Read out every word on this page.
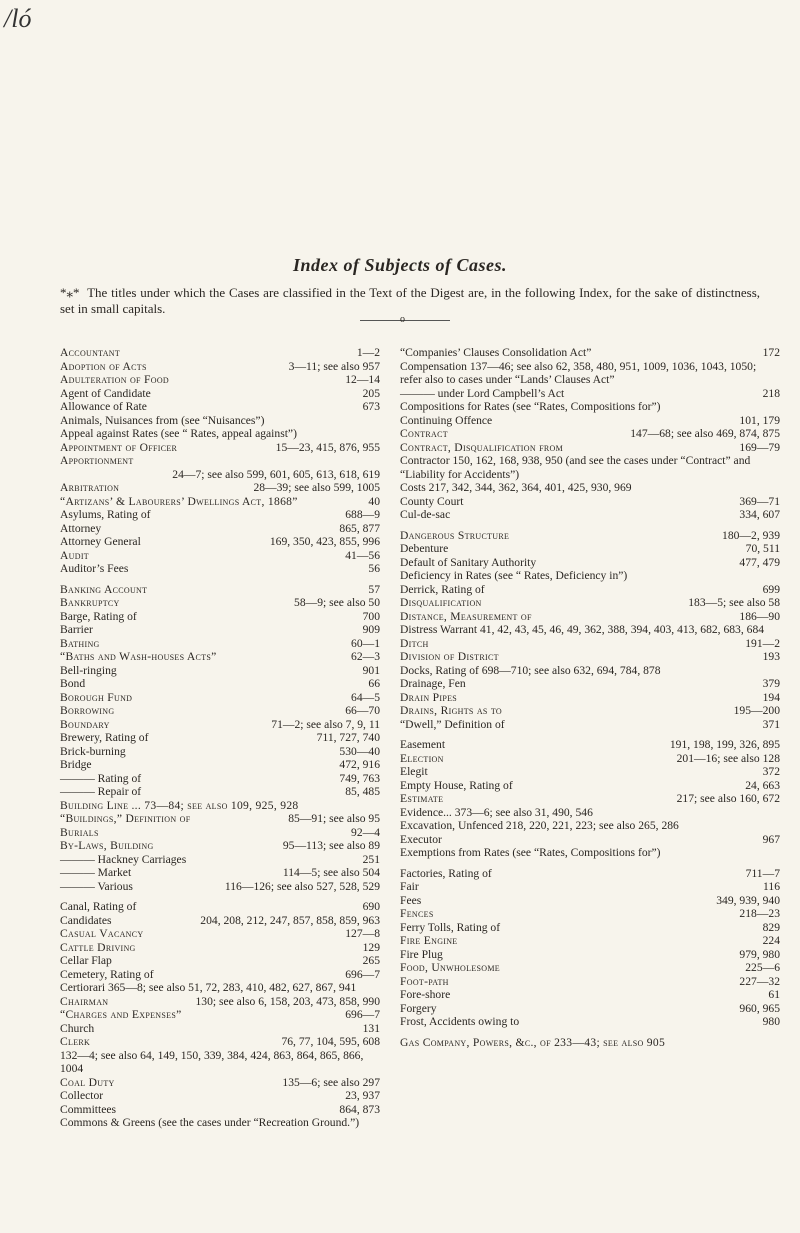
/ló
Index of Subjects of Cases.
*⁎* The titles under which the Cases are classified in the Text of the Digest are, in the following Index, for the sake of distinctness, set in small capitals.
o
Accountant	1—2
Adoption of Acts	3—11; see also 957
Adulteration of Food	12—14
Agent of Candidate	205
Allowance of Rate	673
Animals, Nuisances from (see “Nuisances”)
Appeal against Rates (see “ Rates, appeal against”)
Appointment of Officer	15—23, 415, 876, 955
Apportionment
24—7; see also 599, 601, 605, 613, 618, 619
Arbitration	28—39; see also 599, 1005
“Artizans’ & Labourers’ Dwellings Act, 1868”	40
Asylums, Rating of	688—9
Attorney	865, 877
Attorney General	169, 350, 423, 855, 996
Audit	41—56
Auditor’s Fees	56
Banking Account	57
Bankruptcy	58—9; see also 50
Barge, Rating of	700
Barrier	909
Bathing	60—1
“Baths and Wash-houses Acts”	62—3
Bell-ringing	901
Bond	66
Borough Fund	64—5
Borrowing	66—70
Boundary	71—2; see also 7, 9, 11
Brewery, Rating of	711, 727, 740
Brick-burning	530—40
Bridge	472, 916
——— Rating of	749, 763
——— Repair of	85, 485
Building Line ... 73—84; see also 109, 925, 928
“Buildings,” Definition of	85—91; see also 95
Burials	92—4
By-Laws, Building	95—113; see also 89
——— Hackney Carriages	251
——— Market	114—5; see also 504
——— Various	116—126; see also 527, 528, 529
Canal, Rating of	690
Candidates	204, 208, 212, 247, 857, 858, 859, 963
Casual Vacancy	127—8
Cattle Driving	129
Cellar Flap	265
Cemetery, Rating of	696—7
Certiorari 365—8; see also 51, 72, 283, 410, 482, 627, 867, 941
Chairman	130; see also 6, 158, 203, 473, 858, 990
“Charges and Expenses”	696—7
Church	131
Clerk	76, 77, 104, 595, 608
132—4; see also 64, 149, 150, 339, 384, 424, 863, 864, 865, 866, 1004
Coal Duty	135—6; see also 297
Collector	23, 937
Committees	864, 873
Commons & Greens (see the cases under “Recreation Ground.”)
“Companies’ Clauses Consolidation Act”	172
Compensation 137—46; see also 62, 358, 480, 951, 1009, 1036, 1043, 1050; refer also to cases under “Lands’ Clauses Act”
——— under Lord Campbell’s Act	218
Compositions for Rates (see “Rates, Compositions for”)
Continuing Offence	101, 179
Contract	147—68; see also 469, 874, 875
Contract, Disqualification from	169—79
Contractor 150, 162, 168, 938, 950 (and see the cases under “Contract” and “Liability for Accidents”)
Costs 217, 342, 344, 362, 364, 401, 425, 930, 969
County Court	369—71
Cul-de-sac	334, 607
Dangerous Structure	180—2, 939
Debenture	70, 511
Default of Sanitary Authority	477, 479
Deficiency in Rates (see “ Rates, Deficiency in”)
Derrick, Rating of	699
Disqualification	183—5; see also 58
Distance, Measurement of	186—90
Distress Warrant 41, 42, 43, 45, 46, 49, 362, 388, 394, 403, 413, 682, 683, 684
Ditch	191—2
Division of District	193
Docks, Rating of 698—710; see also 632, 694, 784, 878
Drainage, Fen	379
Drain Pipes	194
Drains, Rights as to	195—200
“Dwell,” Definition of	371
Easement	191, 198, 199, 326, 895
Election	201—16; see also 128
Elegit	372
Empty House, Rating of	24, 663
Estimate	217; see also 160, 672
Evidence... 373—6; see also 31, 490, 546
Excavation, Unfenced 218, 220, 221, 223; see also 265, 286
Executor	967
Exemptions from Rates (see “Rates, Compositions for”)
Factories, Rating of	711—7
Fair	116
Fees	349, 939, 940
Fences	218—23
Ferry Tolls, Rating of	829
Fire Engine	224
Fire Plug	979, 980
Food, Unwholesome	225—6
Foot-path	227—32
Fore-shore	61
Forgery	960, 965
Frost, Accidents owing to	980
Gas Company, Powers, &c., of 233—43; see also 905
